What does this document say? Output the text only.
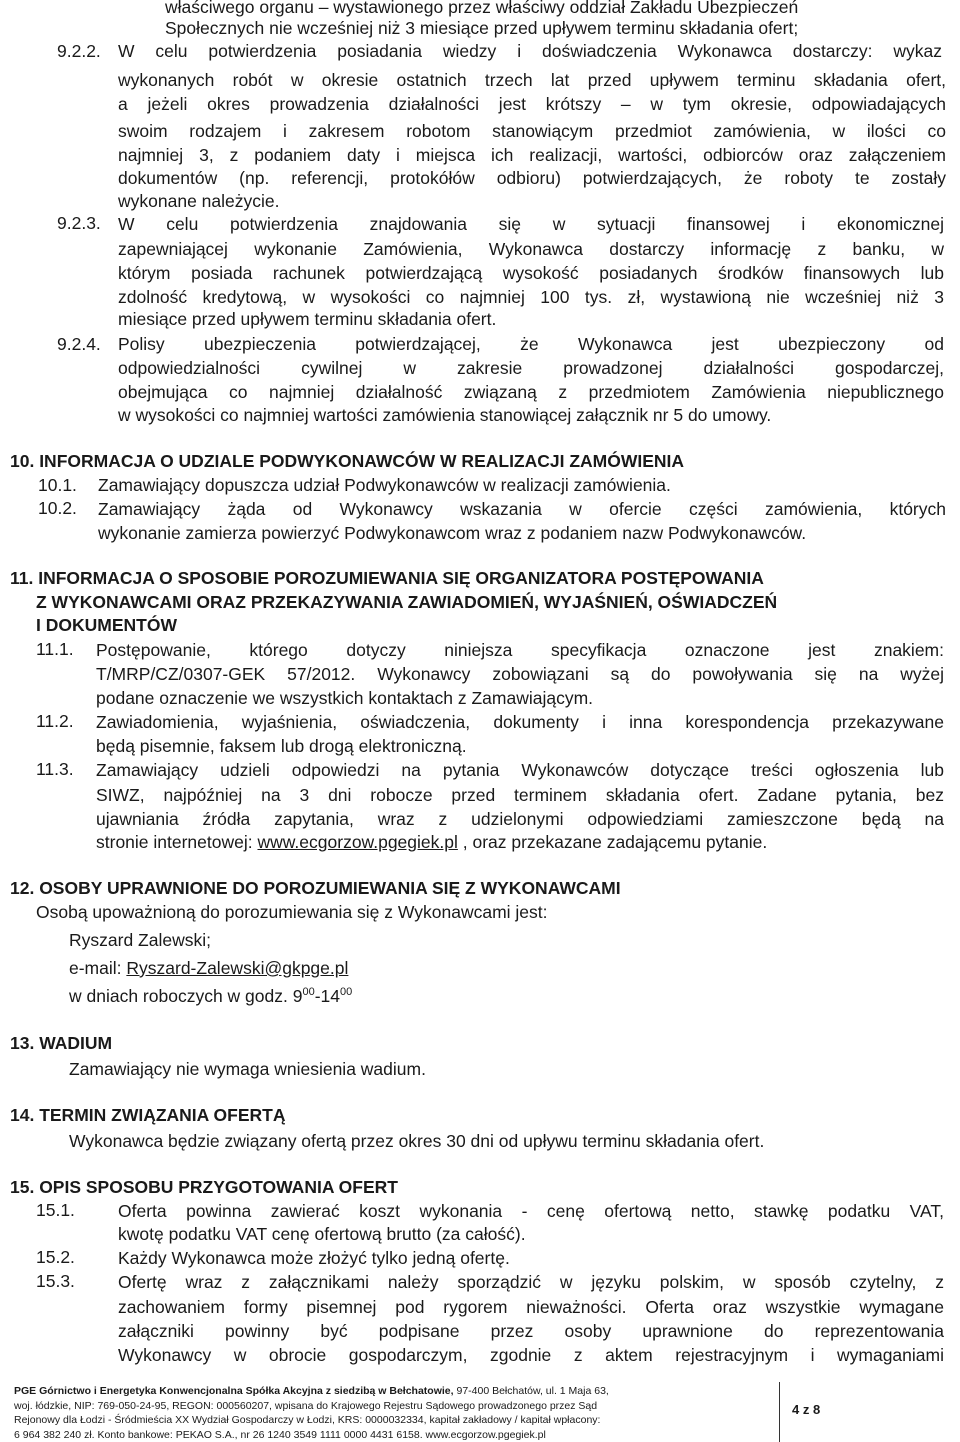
właściwego organu – wystawionego przez właściwy oddział Zakładu Ubezpieczeń
Społecznych nie wcześniej niż 3 miesiące przed upływem terminu składania ofert;
9.2.2. W celu potwierdzenia posiadania wiedzy i doświadczenia Wykonawca dostarczy: wykaz
wykonanych robót w okresie ostatnich trzech lat przed upływem terminu składania ofert,
a jeżeli okres prowadzenia działalności jest krótszy – w tym okresie, odpowiadających
swoim rodzajem i zakresem robotom stanowiącym przedmiot zamówienia, w ilości co
najmniej 3, z podaniem daty i miejsca ich realizacji, wartości, odbiorców oraz załączeniem
dokumentów (np. referencji, protokółów odbioru) potwierdzających, że roboty te zostały
wykonane należycie.
9.2.3. W celu potwierdzenia znajdowania się w sytuacji finansowej i ekonomicznej
zapewniającej wykonanie Zamówienia, Wykonawca dostarczy informację z banku, w
którym posiada rachunek potwierdzającą wysokość posiadanych środków finansowych lub
zdolność kredytową, w wysokości co najmniej 100 tys. zł, wystawioną nie wcześniej niż 3
miesiące przed upływem terminu składania ofert.
9.2.4. Polisy ubezpieczenia potwierdzającej, że Wykonawca jest ubezpieczony od
odpowiedzialności cywilnej w zakresie prowadzonej działalności gospodarczej,
obejmująca co najmniej działalność związaną z przedmiotem Zamówienia niepublicznego
w wysokości co najmniej wartości zamówienia stanowiącej załącznik nr 5 do umowy.
10. INFORMACJA O UDZIALE PODWYKONAWCÓW W REALIZACJI ZAMÓWIENIA
10.1. Zamawiający dopuszcza udział Podwykonawców w realizacji zamówienia.
10.2. Zamawiający żąda od Wykonawcy wskazania w ofercie części zamówienia, których
wykonanie zamierza powierzyć Podwykonawcom wraz z podaniem nazw Podwykonawców.
11. INFORMACJA O SPOSOBIE POROZUMIEWANIA SIĘ ORGANIZATORA POSTĘPOWANIA
Z WYKONAWCAMI ORAZ PRZEKAZYWANIA ZAWIADOMIEŃ, WYJAŚNIEŃ, OŚWIADCZEŃ
I DOKUMENTÓW
11.1. Postępowanie, którego dotyczy niniejsza specyfikacja oznaczone jest znakiem:
T/MRP/CZ/0307-GEK 57/2012. Wykonawcy zobowiązani są do powoływania się na wyżej
podane oznaczenie we wszystkich kontaktach z Zamawiającym.
11.2. Zawiadomienia, wyjaśnienia, oświadczenia, dokumenty i inna korespondencja przekazywane
będą pisemnie, faksem lub drogą elektroniczną.
11.3. Zamawiający udzieli odpowiedzi na pytania Wykonawców dotyczące treści ogłoszenia lub
SIWZ, najpóźniej na 3 dni robocze przed terminem składania ofert. Zadane pytania, bez
ujawniania źródła zapytania, wraz z udzielonymi odpowiedziami zamieszczone będą na
stronie internetowej: www.ecgorzow.pgegiek.pl , oraz przekazane zadającemu pytanie.
12. OSOBY UPRAWNIONE DO POROZUMIEWANIA SIĘ Z WYKONAWCAMI
Osobą upoważnioną do porozumiewania się z Wykonawcami jest:
Ryszard Zalewski;
e-mail: Ryszard-Zalewski@gkpge.pl
w dniach roboczych w godz. $9^{00}-14^{00}$
13. WADIUM
Zamawiający nie wymaga wniesienia wadium.
14. TERMIN ZWIĄZANIA OFERTĄ
Wykonawca będzie związany ofertą przez okres 30 dni od upływu terminu składania ofert.
15. OPIS SPOSOBU PRZYGOTOWANIA OFERT
15.1. Oferta powinna zawierać koszt wykonania - cenę ofertową netto, stawkę podatku VAT,
kwotę podatku VAT cenę ofertową brutto (za całość).
15.2. Każdy Wykonawca może złożyć tylko jedną ofertę.
15.3. Ofertę wraz z załącznikami należy sporządzić w języku polskim, w sposób czytelny, z
zachowaniem formy pisemnej pod rygorem nieważności. Oferta oraz wszystkie wymagane
załączniki powinny być podpisane przez osoby uprawnione do reprezentowania
Wykonawcy w obrocie gospodarczym, zgodnie z aktem rejestracyjnym i wymaganiami
PGE Górnictwo i Energetyka Konwencjonalna Spółka Akcyjna z siedzibą w Bełchatowie, 97-400 Bełchatów, ul. 1 Maja 63,
woj. łódzkie, NIP: 769-050-24-95, REGON: 000560207, wpisana do Krajowego Rejestru Sądowego prowadzonego przez Sąd
Rejonowy dla Łodzi - Śródmieścia XX Wydział Gospodarczy w Łodzi, KRS: 0000032334, kapitał zakładowy / kapitał wpłacony:
6 964 382 240 zł. Konto bankowe: PEKAO S.A., nr 26 1240 3549 1111 0000 4431 6158. www.ecgorzow.pgegiek.pl
4 z 8
